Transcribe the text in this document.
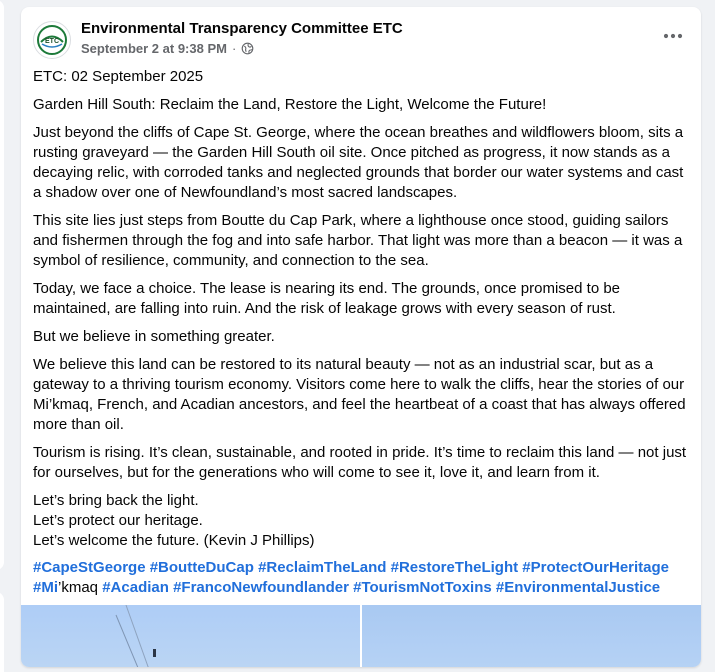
ETC
Environmental Transparency Committee ETC
September 2 at 9:38 PM ·

ETC: 02 September 2025

Garden Hill South: Reclaim the Land, Restore the Light, Welcome the Future!

Just beyond the cliffs of Cape St. George, where the ocean breathes and wildflowers bloom, sits a rusting graveyard — the Garden Hill South oil site. Once pitched as progress, it now stands as a decaying relic, with corroded tanks and neglected grounds that border our water systems and cast a shadow over one of Newfoundland’s most sacred landscapes.

This site lies just steps from Boutte du Cap Park, where a lighthouse once stood, guiding sailors and fishermen through the fog and into safe harbor. That light was more than a beacon — it was a symbol of resilience, community, and connection to the sea.

Today, we face a choice. The lease is nearing its end. The grounds, once promised to be maintained, are falling into ruin. And the risk of leakage grows with every season of rust.

But we believe in something greater.

We believe this land can be restored to its natural beauty — not as an industrial scar, but as a gateway to a thriving tourism economy. Visitors come here to walk the cliffs, hear the stories of our Mi’kmaq, French, and Acadian ancestors, and feel the heartbeat of a coast that has always offered more than oil.

Tourism is rising. It’s clean, sustainable, and rooted in pride. It’s time to reclaim this land — not just for ourselves, but for the generations who will come to see it, love it, and learn from it.

Let’s bring back the light.
Let’s protect our heritage.
Let’s welcome the future. (Kevin J Phillips)
#CapeStGeorge #BoutteDuCap #ReclaimTheLand #RestoreTheLight #ProtectOurHeritage
#Mi’kmaq #Acadian #FrancoNewfoundlander #TourismNotToxins #EnvironmentalJustice
